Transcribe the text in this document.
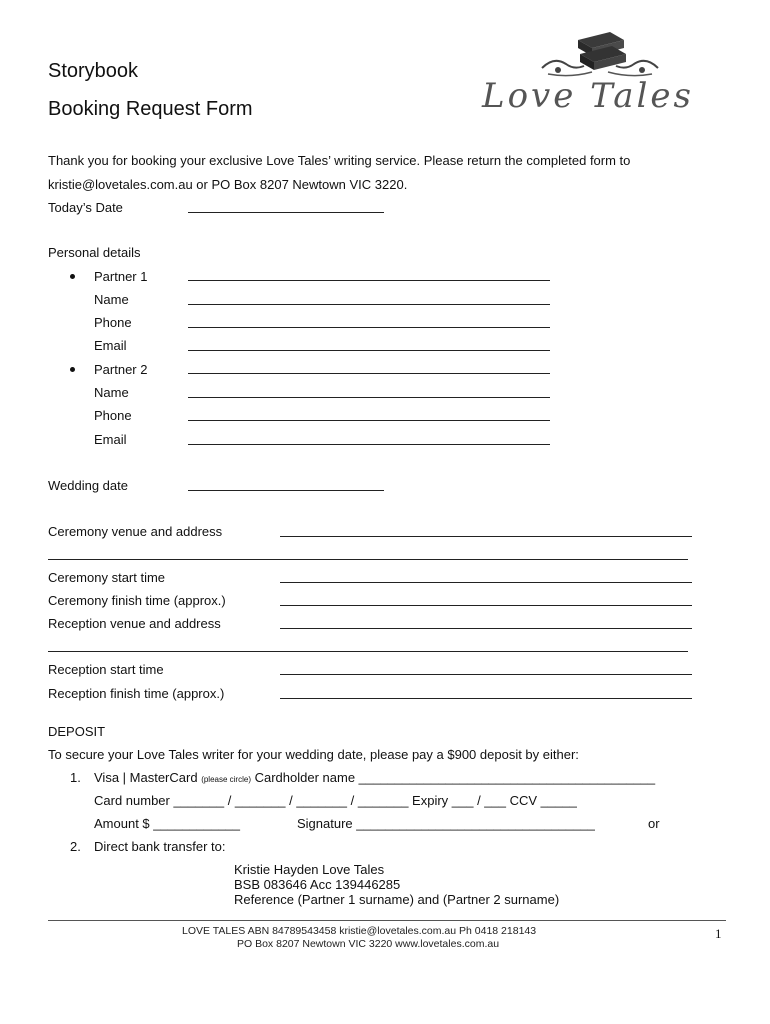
Storybook
Booking Request Form	Love Tales
Thank you for booking your exclusive Love Tales’ writing service. Please return the completed form to
kristie@lovetales.com.au or PO Box 8207 Newtown VIC 3220.
Today’s Date
Personal details
Partner 1
Name
Phone
Email
Partner 2
Name
Phone
Email
Wedding date
Ceremony venue and address
Ceremony start time
Ceremony finish time (approx.)
Reception venue and address
Reception start time
Reception finish time (approx.)
DEPOSIT
To secure your Love Tales writer for your wedding date, please pay a $900 deposit by either:
1. Visa | MasterCard (please circle) Cardholder name _________________________________________
Card number _______ / _______ / _______ / _______ Expiry ___ / ___ CCV _____
Amount $ ____________	Signature _________________________________	or
2. Direct bank transfer to:
Kristie Hayden Love Tales
BSB 083646 Acc 139446285
Reference (Partner 1 surname) and (Partner 2 surname)
LOVE TALES ABN 84789543458 kristie@lovetales.com.au Ph 0418 218143
PO Box 8207 Newtown VIC 3220 www.lovetales.com.au
1
